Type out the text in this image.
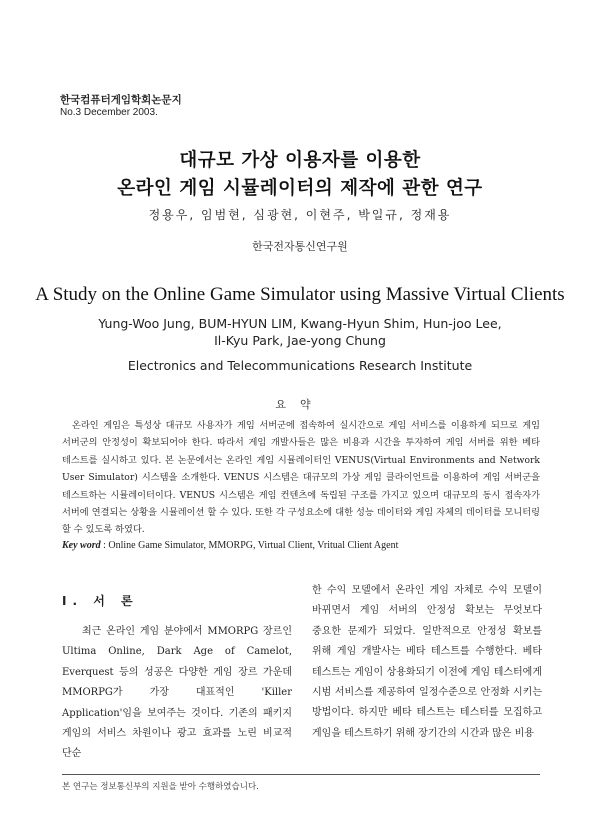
한국컴퓨터게임학회논문지
No.3 December 2003.
대규모 가상 이용자를 이용한
온라인 게임 시뮬레이터의 제작에 관한 연구
정용우, 임범현, 심광현, 이현주, 박일규, 정재용
한국전자통신연구원
A Study on the Online Game Simulator using Massive Virtual Clients
Yung-Woo Jung, BUM-HYUN LIM, Kwang-Hyun Shim, Hun-joo Lee,
Il-Kyu Park, Jae-yong Chung
Electronics and Telecommunications Research Institute
요약
온라인 게임은 특성상 대규모 사용자가 게임 서버군에 접속하여 실시간으로 게임 서비스를 이용하게 되므로 게임 서버군의 안정성이 확보되어야 한다. 따라서 게임 개발사들은 많은 비용과 시간을 투자하여 게임 서버를 위한 베타 테스트를 실시하고 있다. 본 논문에서는 온라인 게임 시뮬레이터인 VENUS(Virtual Environments and Network User Simulator) 시스템을 소개한다. VENUS 시스템은 대규모의 가상 게임 클라이언트를 이용하여 게임 서버군을 테스트하는 시뮬레이터이다. VENUS 시스템은 게임 컨텐츠에 독립된 구조를 가지고 있으며 대규모의 동시 접속자가 서버에 연결되는 상황을 시뮬레이션 할 수 있다. 또한 각 구성요소에 대한 성능 데이터와 게임 자체의 데이터를 모니터링 할 수 있도록 하였다.
Key word : Online Game Simulator, MMORPG, Virtual Client, Vritual Client Agent
I. 서 론
최근 온라인 게임 분야에서 MMORPG 장르인 Ultima Online, Dark Age of Camelot, Everquest 등의 성공은 다양한 게임 장르 가운데 MMORPG가 가장 대표적인 'Killer Application'임을 보여주는 것이다. 기존의 패키지 게임의 서비스 차원이나 광고 효과를 노린 비교적 단순
한 수익 모델에서 온라인 게임 자체로 수익 모델이 바뀌면서 게임 서버의 안정성 확보는 무엇보다 중요한 문제가 되었다. 일반적으로 안정성 확보를 위해 게임 개발사는 베타 테스트를 수행한다. 베타 테스트는 게임이 상용화되기 이전에 게임 테스터에게 시범 서비스를 제공하여 일정수준으로 안정화 시키는 방법이다. 하지만 베타 테스트는 테스터를 모집하고 게임을 테스트하기 위해 장기간의 시간과 많은 비용
본 연구는 정보통신부의 지원을 받아 수행하였습니다.
